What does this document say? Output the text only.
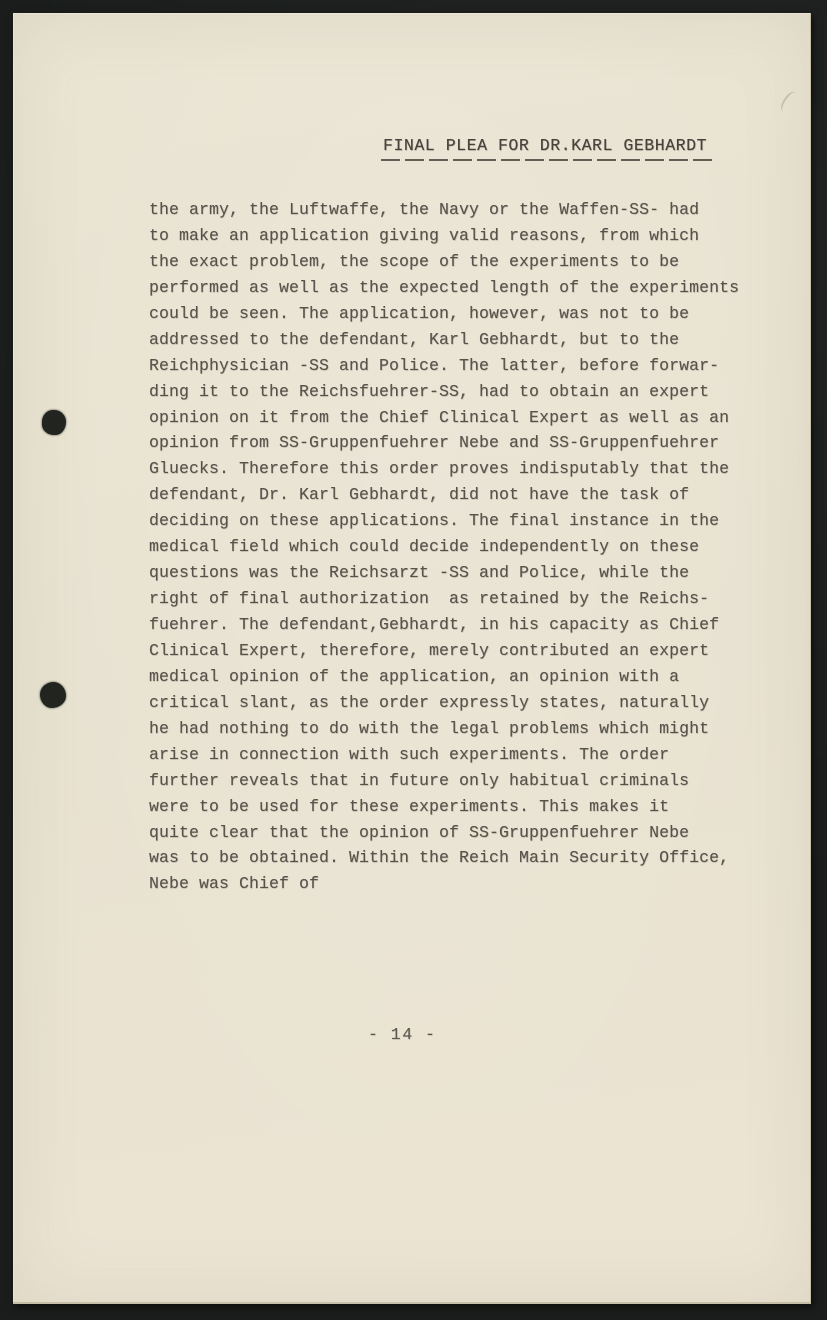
FINAL PLEA FOR DR.KARL GEBHARDT
the army, the Luftwaffe, the Navy or the Waffen-SS- had
to make an application giving valid reasons, from which
the exact problem, the scope of the experiments to be
performed as well as the expected length of the experiments
could be seen. The application, however, was not to be
addressed to the defendant, Karl Gebhardt, but to the
Reichphysician -SS and Police. The latter, before forwar-
ding it to the Reichsfuehrer-SS, had to obtain an expert
opinion on it from the Chief Clinical Expert as well as an
opinion from SS-Gruppenfuehrer Nebe and SS-Gruppenfuehrer
Gluecks. Therefore this order proves indisputably that the
defendant, Dr. Karl Gebhardt, did not have the task of
deciding on these applications. The final instance in the
medical field which could decide independently on these
questions was the Reichsarzt -SS and Police, while the
right of final authorization  as retained by the Reichs-
fuehrer. The defendant,Gebhardt, in his capacity as Chief
Clinical Expert, therefore, merely contributed an expert
medical opinion of the application, an opinion with a
critical slant, as the order expressly states, naturally
he had nothing to do with the legal problems which might
arise in connection with such experiments. The order
further reveals that in future only habitual criminals
were to be used for these experiments. This makes it
quite clear that the opinion of SS-Gruppenfuehrer Nebe
was to be obtained. Within the Reich Main Security Office,
Nebe was Chief of
- 14 -
